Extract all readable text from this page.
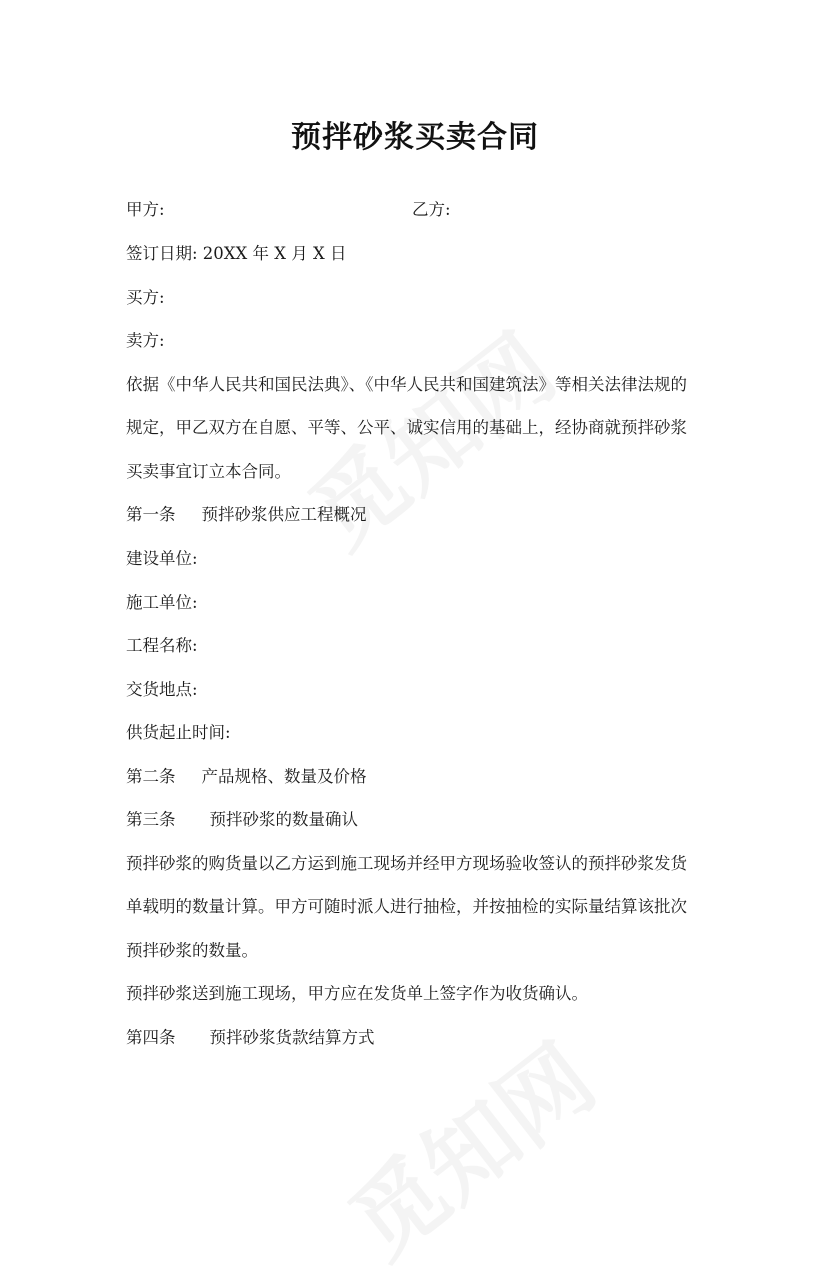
预拌砂浆买卖合同
甲方:	乙方:
签订日期: 20XX 年 X 月 X 日
买方:
卖方:
依据《中华人民共和国民法典》、《中华人民共和国建筑法》等相关法律法规的
规定，甲乙双方在自愿、平等、公平、诚实信用的基础上，经协商就预拌砂浆
买卖事宜订立本合同。
第一条 预拌砂浆供应工程概况
建设单位:
施工单位:
工程名称:
交货地点:
供货起止时间:
第二条 产品规格、数量及价格
第三条 预拌砂浆的数量确认
预拌砂浆的购货量以乙方运到施工现场并经甲方现场验收签认的预拌砂浆发货
单载明的数量计算。甲方可随时派人进行抽检，并按抽检的实际量结算该批次
预拌砂浆的数量。
预拌砂浆送到施工现场，甲方应在发货单上签字作为收货确认。
第四条 预拌砂浆货款结算方式
